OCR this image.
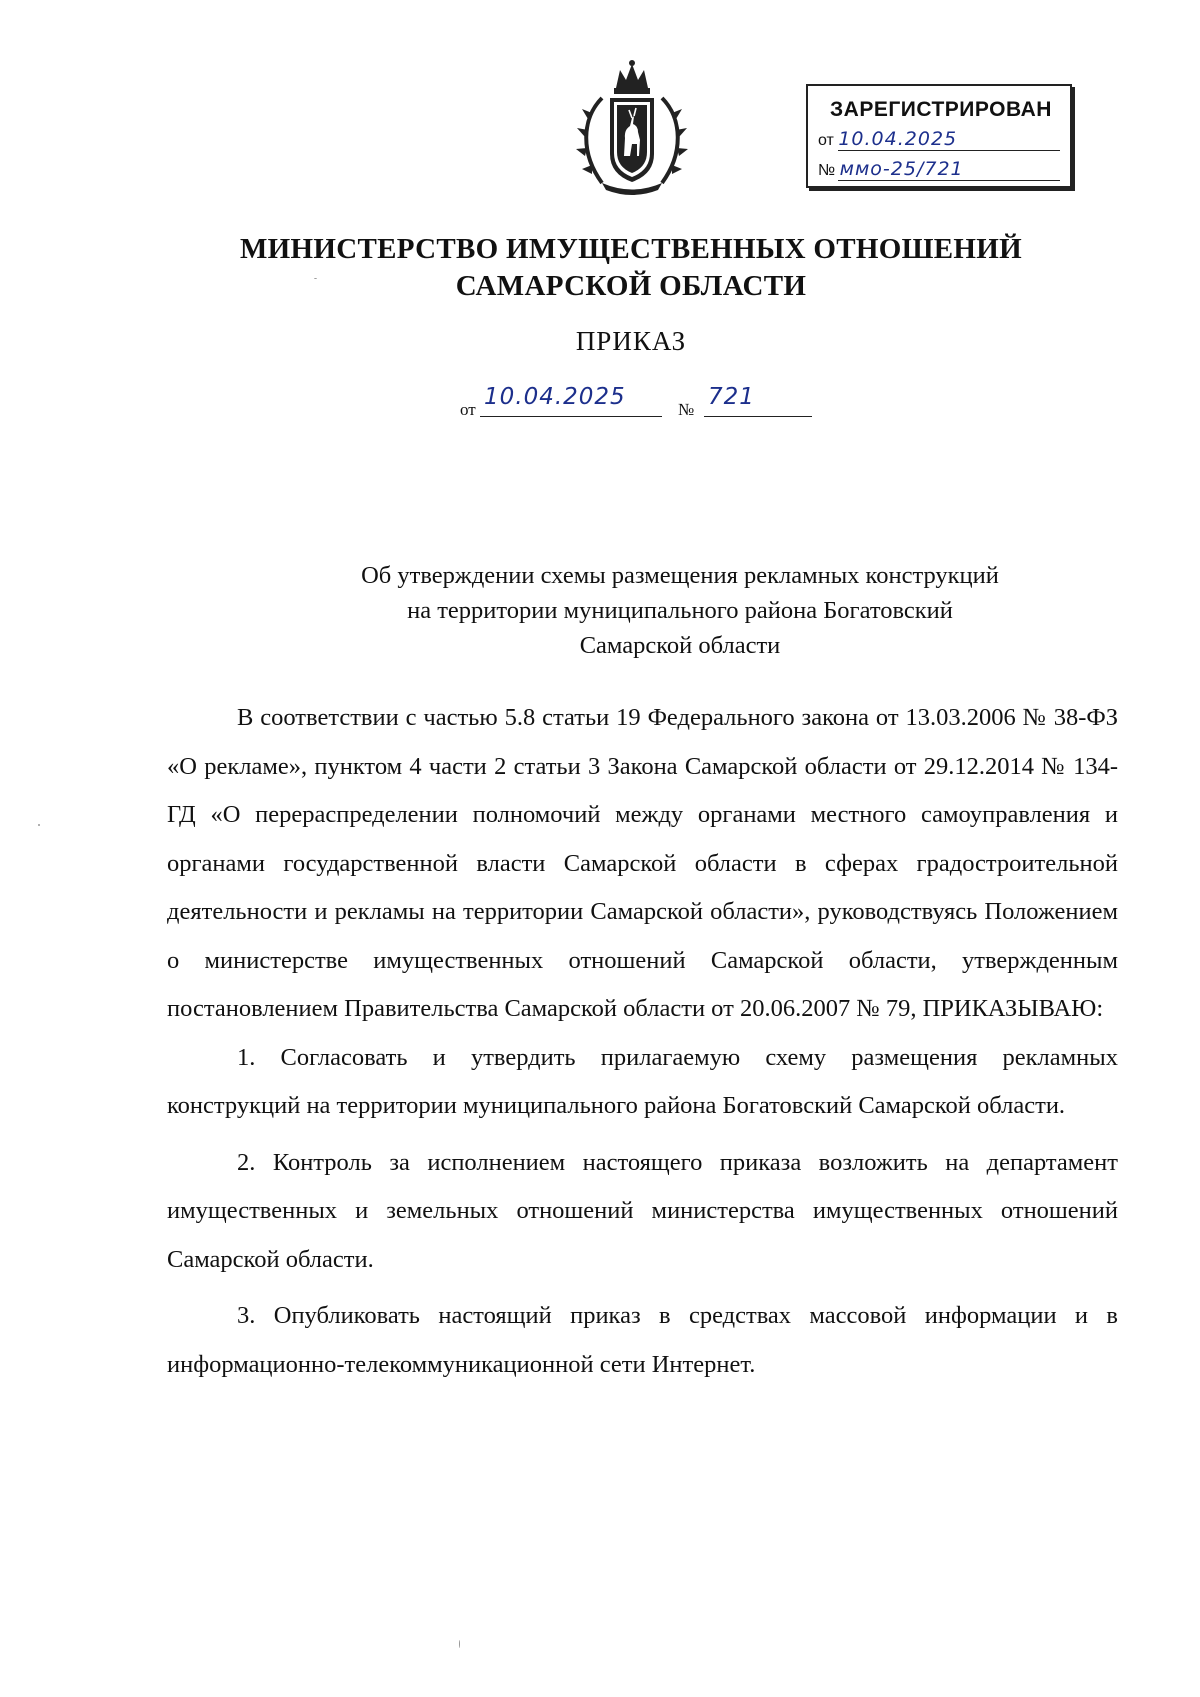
ЗАРЕГИСТРИРОВАН
от 10.04.2025
№ ммо-25/721
МИНИСТЕРСТВО ИМУЩЕСТВЕННЫХ ОТНОШЕНИЙ
САМАРСКОЙ ОБЛАСТИ
ПРИКАЗ
от 10.04.2025	№ 721
Об утверждении схемы размещения рекламных конструкций
на территории муниципального района Богатовский
Самарской области

В соответствии с частью 5.8 статьи 19 Федерального закона от 13.03.2006 № 38-ФЗ «О рекламе», пунктом 4 части 2 статьи 3 Закона Самарской области от 29.12.2014 № 134-ГД «О перераспределении полномочий между органами местного самоуправления и органами государственной власти Самарской области в сферах градостроительной деятельности и рекламы на территории Самарской области», руководствуясь Положением о министерстве имущественных отношений Самарской области, утвержденным постановлением Правительства Самарской области от 20.06.2007 № 79, ПРИКАЗЫВАЮ:

1. Согласовать и утвердить прилагаемую схему размещения рекламных конструкций на территории муниципального района Богатовский Самарской области.

2. Контроль за исполнением настоящего приказа возложить на департамент имущественных и земельных отношений министерства имущественных отношений Самарской области.

3. Опубликовать настоящий приказ в средствах массовой информации и в информационно-телекоммуникационной сети Интернет.
